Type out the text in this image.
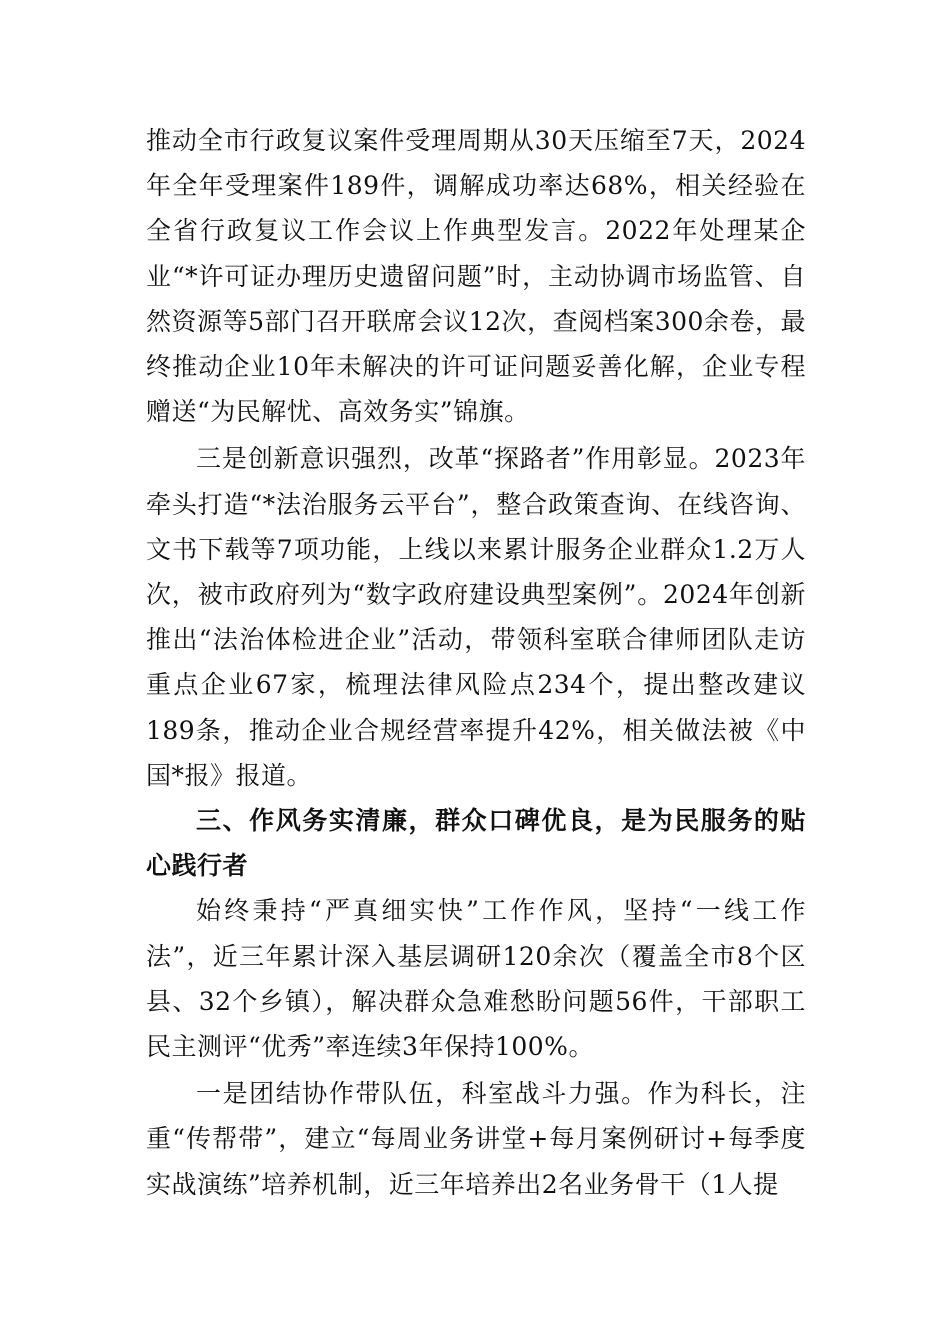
推动全市行政复议案件受理周期从30天压缩至7天，2024年全年受理案件189件，调解成功率达68%，相关经验在全省行政复议工作会议上作典型发言。2022年处理某企业“*许可证办理历史遗留问题”时，主动协调市场监管、自然资源等5部门召开联席会议12次，查阅档案300余卷，最终推动企业10年未解决的许可证问题妥善化解，企业专程赠送“为民解忧、高效务实”锦旗。

三是创新意识强烈，改革“探路者”作用彰显。2023年牵头打造“*法治服务云平台”，整合政策查询、在线咨询、文书下载等7项功能，上线以来累计服务企业群众1.2万人次，被市政府列为“数字政府建设典型案例”。2024年创新推出“法治体检进企业”活动，带领科室联合律师团队走访重点企业67家，梳理法律风险点234个，提出整改建议189条，推动企业合规经营率提升42%，相关做法被《中国*报》报道。

三、作风务实清廉，群众口碑优良，是为民服务的贴心践行者

始终秉持“严真细实快”工作作风，坚持“一线工作法”，近三年累计深入基层调研120余次（覆盖全市8个区县、32个乡镇），解决群众急难愁盼问题56件，干部职工民主测评“优秀”率连续3年保持100%。

一是团结协作带队伍，科室战斗力强。作为科长，注重“传帮带”，建立“每周业务讲堂+每月案例研讨+每季度实战演练”培养机制，近三年培养出2名业务骨干（1人提
